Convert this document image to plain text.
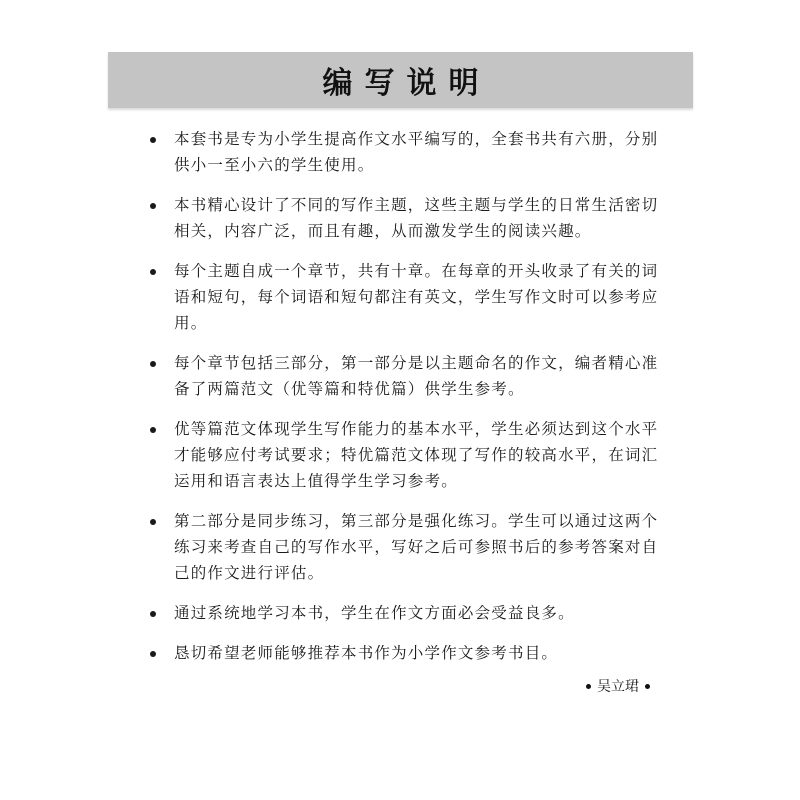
编写说明
本套书是专为小学生提高作文水平编写的，全套书共有六册，分别供小一至小六的学生使用。
本书精心设计了不同的写作主题，这些主题与学生的日常生活密切相关，内容广泛，而且有趣，从而激发学生的阅读兴趣。
每个主题自成一个章节，共有十章。在每章的开头收录了有关的词语和短句，每个词语和短句都注有英文，学生写作文时可以参考应用。
每个章节包括三部分，第一部分是以主题命名的作文，编者精心准备了两篇范文（优等篇和特优篇）供学生参考。
优等篇范文体现学生写作能力的基本水平，学生必须达到这个水平才能够应付考试要求；特优篇范文体现了写作的较高水平，在词汇运用和语言表达上值得学生学习参考。
第二部分是同步练习，第三部分是强化练习。学生可以通过这两个练习来考查自己的写作水平，写好之后可参照书后的参考答案对自己的作文进行评估。
通过系统地学习本书，学生在作文方面必会受益良多。
恳切希望老师能够推荐本书作为小学作文参考书目。
吴立珺
